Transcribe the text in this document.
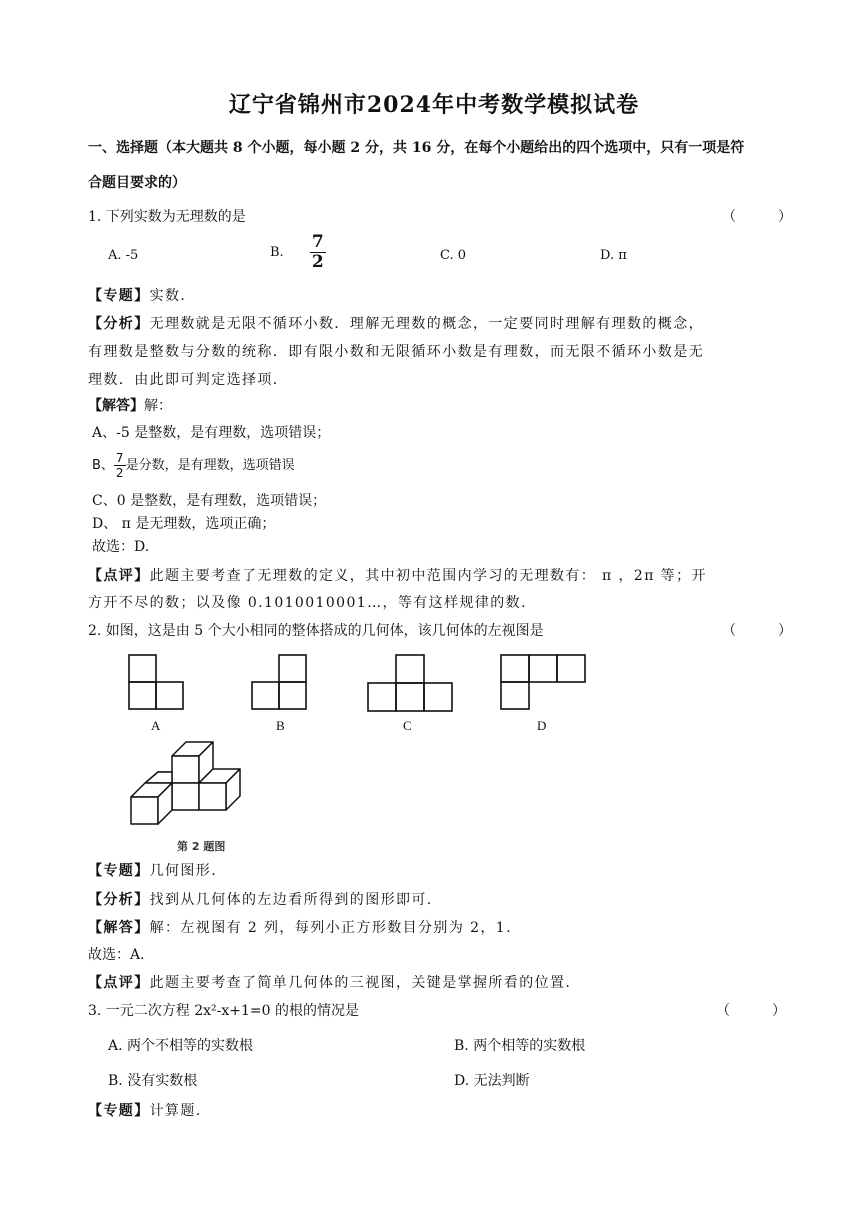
辽宁省锦州市2024年中考数学模拟试卷
一、选择题（本大题共 8 个小题，每小题 2 分，共 16 分，在每个小题给出的四个选项中，只有一项是符
合题目要求的）
1. 下列实数为无理数的是	（　　　）
A. -5	B. $\frac{7}{2}$	C. 0	D. π
【专题】实数.
【分析】无理数就是无限不循环小数．理解无理数的概念，一定要同时理解有理数的概念，
有理数是整数与分数的统称．即有限小数和无限循环小数是有理数，而无限不循环小数是无
理数．由此即可判定选择项．
【解答】解：
A、-5 是整数，是有理数，选项错误；
B、 $\frac{7}{2}$ 是分数，是有理数，选项错误
C、0 是整数，是有理数，选项错误；
D、 π 是无理数，选项正确；
故选：D.
【点评】此题主要考查了无理数的定义，其中初中范围内学习的无理数有： π ，2π 等；开
方开不尽的数；以及像 0.1010010001…，等有这样规律的数.
2. 如图，这是由 5 个大小相同的整体搭成的几何体，该几何体的左视图是	（　　　）
A	B	C	D
第 2 题图
【专题】几何图形.
【分析】找到从几何体的左边看所得到的图形即可.
【解答】解：左视图有 2 列，每列小正方形数目分别为 2，1.
故选：A.
【点评】此题主要考查了简单几何体的三视图，关键是掌握所看的位置.
3. 一元二次方程 2x²-x+1=0 的根的情况是	（　　　）
A. 两个不相等的实数根	B. 两个相等的实数根
B. 没有实数根	D. 无法判断
【专题】计算题.
